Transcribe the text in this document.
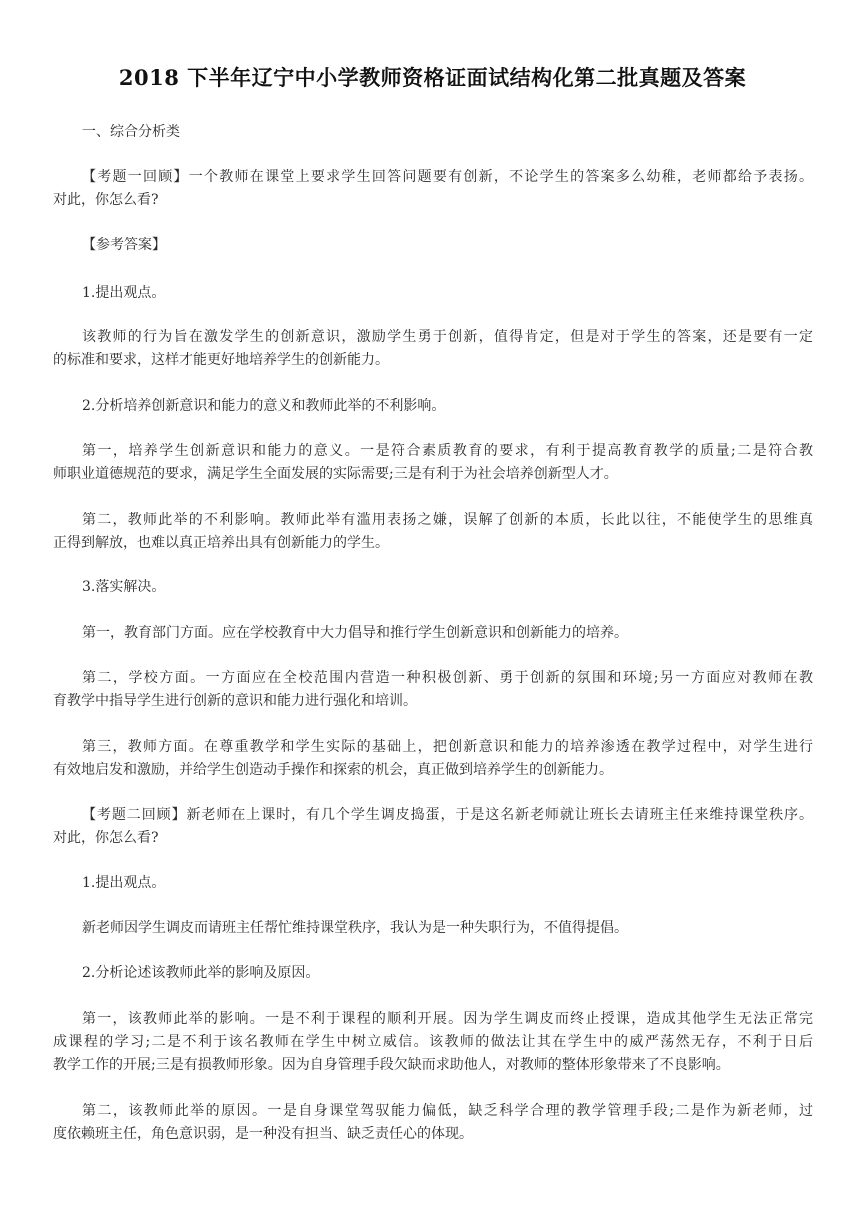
2018 下半年辽宁中小学教师资格证面试结构化第二批真题及答案
一、综合分析类
【考题一回顾】一个教师在课堂上要求学生回答问题要有创新，不论学生的答案多么幼稚，老师都给予表扬。
对此，你怎么看?
【参考答案】
1.提出观点。
该教师的行为旨在激发学生的创新意识，激励学生勇于创新，值得肯定，但是对于学生的答案，还是要有一定
的标准和要求，这样才能更好地培养学生的创新能力。
2.分析培养创新意识和能力的意义和教师此举的不利影响。
第一，培养学生创新意识和能力的意义。一是符合素质教育的要求，有利于提高教育教学的质量;二是符合教
师职业道德规范的要求，满足学生全面发展的实际需要;三是有利于为社会培养创新型人才。
第二，教师此举的不利影响。教师此举有滥用表扬之嫌，误解了创新的本质，长此以往，不能使学生的思维真
正得到解放，也难以真正培养出具有创新能力的学生。
3.落实解决。
第一，教育部门方面。应在学校教育中大力倡导和推行学生创新意识和创新能力的培养。
第二，学校方面。一方面应在全校范围内营造一种积极创新、勇于创新的氛围和环境;另一方面应对教师在教
育教学中指导学生进行创新的意识和能力进行强化和培训。
第三，教师方面。在尊重教学和学生实际的基础上，把创新意识和能力的培养渗透在教学过程中，对学生进行
有效地启发和激励，并给学生创造动手操作和探索的机会，真正做到培养学生的创新能力。
【考题二回顾】新老师在上课时，有几个学生调皮捣蛋，于是这名新老师就让班长去请班主任来维持课堂秩序。
对此，你怎么看?
1.提出观点。
新老师因学生调皮而请班主任帮忙维持课堂秩序，我认为是一种失职行为，不值得提倡。
2.分析论述该教师此举的影响及原因。
第一，该教师此举的影响。一是不利于课程的顺利开展。因为学生调皮而终止授课，造成其他学生无法正常完
成课程的学习;二是不利于该名教师在学生中树立威信。该教师的做法让其在学生中的威严荡然无存，不利于日后
教学工作的开展;三是有损教师形象。因为自身管理手段欠缺而求助他人，对教师的整体形象带来了不良影响。
第二，该教师此举的原因。一是自身课堂驾驭能力偏低，缺乏科学合理的教学管理手段;二是作为新老师，过
度依赖班主任，角色意识弱，是一种没有担当、缺乏责任心的体现。
